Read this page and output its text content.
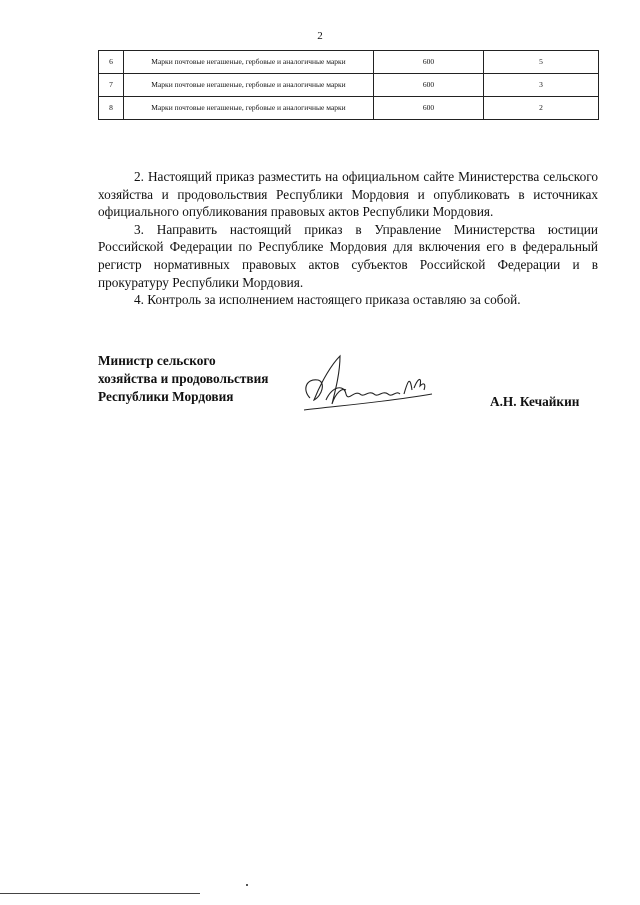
2
6	Марки почтовые негашеные, гербовые и аналогичные марки	600	5
7	Марки почтовые негашеные, гербовые и аналогичные марки	600	3
8	Марки почтовые негашеные, гербовые и аналогичные марки	600	2

2. Настоящий приказ разместить на официальном сайте Министерства сельского хозяйства и продовольствия Республики Мордовия и опубликовать в источниках официального опубликования правовых актов Республики Мордовия.

3. Направить настоящий приказ в Управление Министерства юстиции Российской Федерации по Республике Мордовия для включения его в федеральный регистр нормативных правовых актов субъектов Российской Федерации и в прокуратуру Республики Мордовия.

4. Контроль за исполнением настоящего приказа оставляю за собой.

Министр сельского
хозяйства и продовольствия
Республики Мордовия	А.Н. Кечайкин
